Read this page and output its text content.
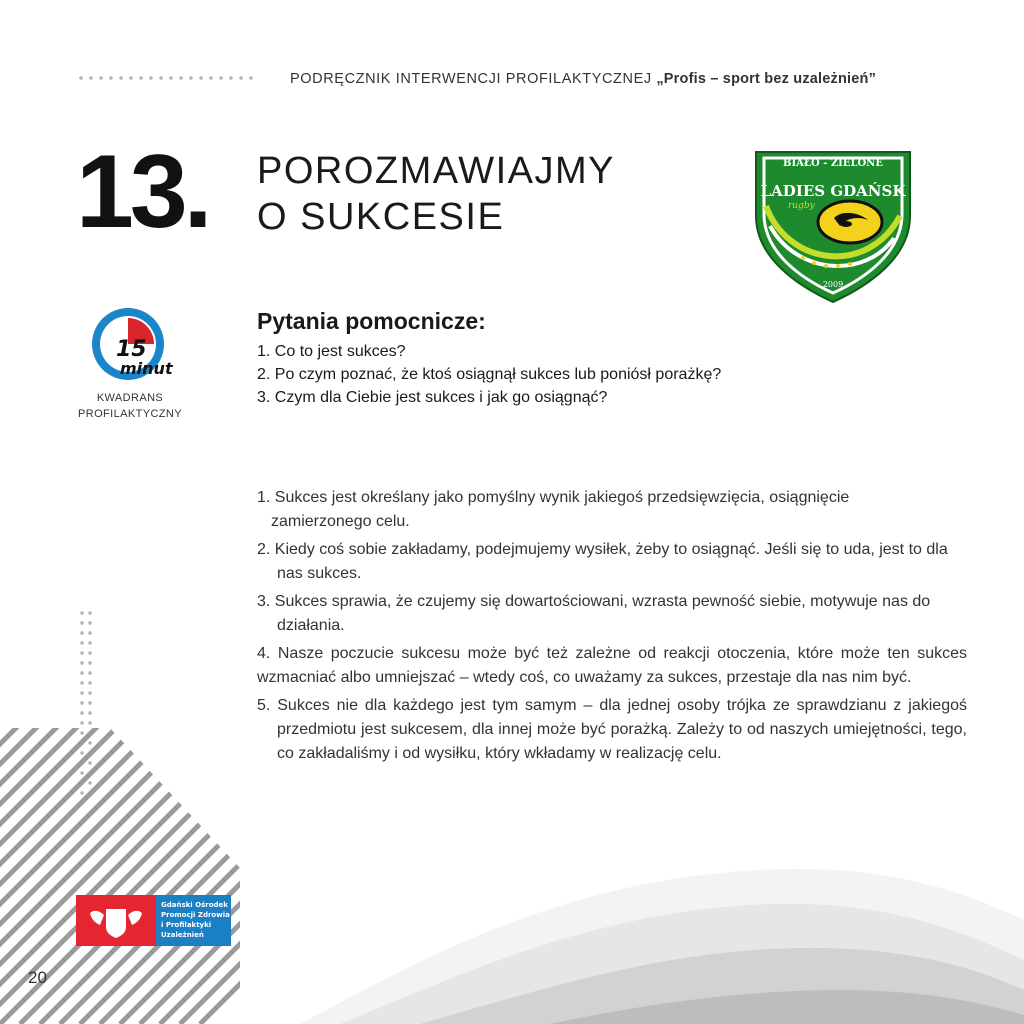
PODRĘCZNIK INTERWENCJI PROFILAKTYCZNEJ „Profis – sport bez uzależnień”
13. POROZMAWIAJMY
O SUKCESIE
BIAŁO - ZIELONE
LADIES GDAŃSK
rugby
2009
15
minut
KWADRANS
PROFILAKTYCZNY
Pytania pomocnicze:
1. Co to jest sukces?
2. Po czym poznać, że ktoś osiągnął sukces lub poniósł porażkę?
3. Czym dla Ciebie jest sukces i jak go osiągnąć?
1. Sukces jest określany jako pomyślny wynik jakiegoś przedsięwzięcia, osiągnięcie
zamierzonego celu.
2. Kiedy coś sobie zakładamy, podejmujemy wysiłek, żeby to osiągnąć. Jeśli się to uda, jest to dla nas sukces.
3. Sukces sprawia, że czujemy się dowartościowani, wzrasta pewność siebie, motywuje nas do działania.
4. Nasze poczucie sukcesu może być też zależne od reakcji otoczenia, które może ten sukces wzmacniać albo umniejszać – wtedy coś, co uważamy za sukces, przestaje dla nas nim być.
5. Sukces nie dla każdego jest tym samym – dla jednej osoby trójka ze sprawdzianu z jakiegoś przedmiotu jest sukcesem, dla innej może być porażką. Zależy to od naszych umiejętności, tego, co zakładaliśmy i od wysiłku, który wkładamy w realizację celu.
Gdański Ośrodek
Promocji Zdrowia
i Profilaktyki
Uzależnień
20
